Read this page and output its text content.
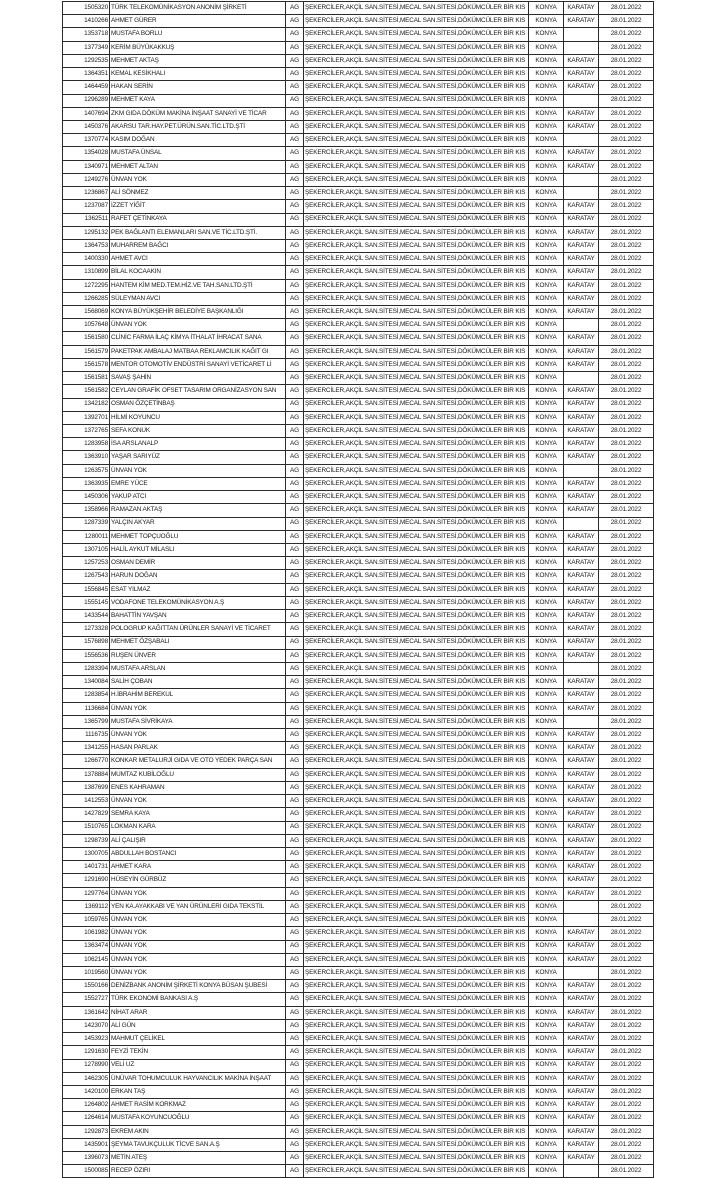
1505320	TÜRK TELEKOMÜNİKASYON ANONİM ŞİRKETİ	AG	ŞEKERCİLER,AKÇİL SAN.SİTESİ,MECAL SAN.SİTESİ,DÖKÜMCÜLER BİR KIS	KONYA	KARATAY	28.01.2022
1410266	AHMET GÜRER	AG	ŞEKERCİLER,AKÇİL SAN.SİTESİ,MECAL SAN.SİTESİ,DÖKÜMCÜLER BİR KIS	KONYA	KARATAY	28.01.2022
1353718	MUSTAFA BORLU	AG	ŞEKERCİLER,AKÇİL SAN.SİTESİ,MECAL SAN.SİTESİ,DÖKÜMCÜLER BİR KIS	KONYA		28.01.2022
1377349	KERİM BÜYÜKAKKUŞ	AG	ŞEKERCİLER,AKÇİL SAN.SİTESİ,MECAL SAN.SİTESİ,DÖKÜMCÜLER BİR KIS	KONYA		28.01.2022
1292535	MEHMET AKTAŞ	AG	ŞEKERCİLER,AKÇİL SAN.SİTESİ,MECAL SAN.SİTESİ,DÖKÜMCÜLER BİR KIS	KONYA	KARATAY	28.01.2022
1364351	KEMAL KESİKHALI	AG	ŞEKERCİLER,AKÇİL SAN.SİTESİ,MECAL SAN.SİTESİ,DÖKÜMCÜLER BİR KIS	KONYA	KARATAY	28.01.2022
1464459	HAKAN SERİN	AG	ŞEKERCİLER,AKÇİL SAN.SİTESİ,MECAL SAN.SİTESİ,DÖKÜMCÜLER BİR KIS	KONYA	KARATAY	28.01.2022
1296289	MEHMET KAYA	AG	ŞEKERCİLER,AKÇİL SAN.SİTESİ,MECAL SAN.SİTESİ,DÖKÜMCÜLER BİR KIS	KONYA		28.01.2022
1407694	ZKM GIDA DÖKÜM MAKİNA İNŞAAT SANAYİ VE TİCAR	AG	ŞEKERCİLER,AKÇİL SAN.SİTESİ,MECAL SAN.SİTESİ,DÖKÜMCÜLER BİR KIS	KONYA	KARATAY	28.01.2022
1450376	AKARSU TAR.HAY.PET.ÜRÜN.SAN.TİC.LTD.ŞTİ	AG	ŞEKERCİLER,AKÇİL SAN.SİTESİ,MECAL SAN.SİTESİ,DÖKÜMCÜLER BİR KIS	KONYA	KARATAY	28.01.2022
1370774	KASIM DOĞAN	AG	ŞEKERCİLER,AKÇİL SAN.SİTESİ,MECAL SAN.SİTESİ,DÖKÜMCÜLER BİR KIS	KONYA		28.01.2022
1354028	MUSTAFA ÜNSAL	AG	ŞEKERCİLER,AKÇİL SAN.SİTESİ,MECAL SAN.SİTESİ,DÖKÜMCÜLER BİR KIS	KONYA	KARATAY	28.01.2022
1340971	MEHMET ALTAN	AG	ŞEKERCİLER,AKÇİL SAN.SİTESİ,MECAL SAN.SİTESİ,DÖKÜMCÜLER BİR KIS	KONYA	KARATAY	28.01.2022
1249276	ÜNVAN YOK	AG	ŞEKERCİLER,AKÇİL SAN.SİTESİ,MECAL SAN.SİTESİ,DÖKÜMCÜLER BİR KIS	KONYA		28.01.2022
1236867	ALİ SÖNMEZ	AG	ŞEKERCİLER,AKÇİL SAN.SİTESİ,MECAL SAN.SİTESİ,DÖKÜMCÜLER BİR KIS	KONYA		28.01.2022
1237087	İZZET YİĞİT	AG	ŞEKERCİLER,AKÇİL SAN.SİTESİ,MECAL SAN.SİTESİ,DÖKÜMCÜLER BİR KIS	KONYA	KARATAY	28.01.2022
1362511	RAFET ÇETİNKAYA	AG	ŞEKERCİLER,AKÇİL SAN.SİTESİ,MECAL SAN.SİTESİ,DÖKÜMCÜLER BİR KIS	KONYA	KARATAY	28.01.2022
1295132	PEK BAĞLANTI ELEMANLARI SAN.VE TİC.LTD.ŞTİ.	AG	ŞEKERCİLER,AKÇİL SAN.SİTESİ,MECAL SAN.SİTESİ,DÖKÜMCÜLER BİR KIS	KONYA	KARATAY	28.01.2022
1364753	MUHARREM BAĞCI	AG	ŞEKERCİLER,AKÇİL SAN.SİTESİ,MECAL SAN.SİTESİ,DÖKÜMCÜLER BİR KIS	KONYA	KARATAY	28.01.2022
1400330	AHMET AVCI	AG	ŞEKERCİLER,AKÇİL SAN.SİTESİ,MECAL SAN.SİTESİ,DÖKÜMCÜLER BİR KIS	KONYA	KARATAY	28.01.2022
1310899	BİLAL KOCAAKIN	AG	ŞEKERCİLER,AKÇİL SAN.SİTESİ,MECAL SAN.SİTESİ,DÖKÜMCÜLER BİR KIS	KONYA	KARATAY	28.01.2022
1272295	HANTEM KİM MED.TEM.HİZ.VE TAH.SAN.LTD.ŞTİ	AG	ŞEKERCİLER,AKÇİL SAN.SİTESİ,MECAL SAN.SİTESİ,DÖKÜMCÜLER BİR KIS	KONYA	KARATAY	28.01.2022
1266285	SÜLEYMAN AVCI	AG	ŞEKERCİLER,AKÇİL SAN.SİTESİ,MECAL SAN.SİTESİ,DÖKÜMCÜLER BİR KIS	KONYA	KARATAY	28.01.2022
1568069	KONYA BÜYÜKŞEHİR BELEDİYE BAŞKANLIĞI	AG	ŞEKERCİLER,AKÇİL SAN.SİTESİ,MECAL SAN.SİTESİ,DÖKÜMCÜLER BİR KIS	KONYA	KARATAY	28.01.2022
1057648	ÜNVAN YOK	AG	ŞEKERCİLER,AKÇİL SAN.SİTESİ,MECAL SAN.SİTESİ,DÖKÜMCÜLER BİR KIS	KONYA		28.01.2022
1561580	CLİNİC FARMA İLAÇ KİMYA İTHALAT İHRACAT SANA	AG	ŞEKERCİLER,AKÇİL SAN.SİTESİ,MECAL SAN.SİTESİ,DÖKÜMCÜLER BİR KIS	KONYA	KARATAY	28.01.2022
1561579	PAKETPAK AMBALAJ MATBAA REKLAMCILIK KAĞIT GI	AG	ŞEKERCİLER,AKÇİL SAN.SİTESİ,MECAL SAN.SİTESİ,DÖKÜMCÜLER BİR KIS	KONYA	KARATAY	28.01.2022
1561578	MENTOR OTOMOTİV ENDÜSTRİ SANAYİ VETİCARET Lİ	AG	ŞEKERCİLER,AKÇİL SAN.SİTESİ,MECAL SAN.SİTESİ,DÖKÜMCÜLER BİR KIS	KONYA	KARATAY	28.01.2022
1561581	SAVAŞ ŞAHİN	AG	ŞEKERCİLER,AKÇİL SAN.SİTESİ,MECAL SAN.SİTESİ,DÖKÜMCÜLER BİR KIS	KONYA		28.01.2022
1561582	CEYLAN GRAFİK OFSET TASARIM ORGANİZASYON SAN	AG	ŞEKERCİLER,AKÇİL SAN.SİTESİ,MECAL SAN.SİTESİ,DÖKÜMCÜLER BİR KIS	KONYA	KARATAY	28.01.2022
1342182	OSMAN ÖZÇETİNBAŞ	AG	ŞEKERCİLER,AKÇİL SAN.SİTESİ,MECAL SAN.SİTESİ,DÖKÜMCÜLER BİR KIS	KONYA	KARATAY	28.01.2022
1392701	HİLMİ KOYUNCU	AG	ŞEKERCİLER,AKÇİL SAN.SİTESİ,MECAL SAN.SİTESİ,DÖKÜMCÜLER BİR KIS	KONYA	KARATAY	28.01.2022
1372765	SEFA KONUK	AG	ŞEKERCİLER,AKÇİL SAN.SİTESİ,MECAL SAN.SİTESİ,DÖKÜMCÜLER BİR KIS	KONYA	KARATAY	28.01.2022
1283958	İSA ARSLANALP	AG	ŞEKERCİLER,AKÇİL SAN.SİTESİ,MECAL SAN.SİTESİ,DÖKÜMCÜLER BİR KIS	KONYA	KARATAY	28.01.2022
1363910	YAŞAR SARIYÜZ	AG	ŞEKERCİLER,AKÇİL SAN.SİTESİ,MECAL SAN.SİTESİ,DÖKÜMCÜLER BİR KIS	KONYA	KARATAY	28.01.2022
1263575	ÜNVAN YOK	AG	ŞEKERCİLER,AKÇİL SAN.SİTESİ,MECAL SAN.SİTESİ,DÖKÜMCÜLER BİR KIS	KONYA		28.01.2022
1363935	EMRE YÜCE	AG	ŞEKERCİLER,AKÇİL SAN.SİTESİ,MECAL SAN.SİTESİ,DÖKÜMCÜLER BİR KIS	KONYA	KARATAY	28.01.2022
1450306	YAKUP ATCI	AG	ŞEKERCİLER,AKÇİL SAN.SİTESİ,MECAL SAN.SİTESİ,DÖKÜMCÜLER BİR KIS	KONYA	KARATAY	28.01.2022
1358966	RAMAZAN AKTAŞ	AG	ŞEKERCİLER,AKÇİL SAN.SİTESİ,MECAL SAN.SİTESİ,DÖKÜMCÜLER BİR KIS	KONYA	KARATAY	28.01.2022
1287339	YALÇIN AKYAR	AG	ŞEKERCİLER,AKÇİL SAN.SİTESİ,MECAL SAN.SİTESİ,DÖKÜMCÜLER BİR KIS	KONYA		28.01.2022
1280011	MEHMET TOPÇUOĞLU	AG	ŞEKERCİLER,AKÇİL SAN.SİTESİ,MECAL SAN.SİTESİ,DÖKÜMCÜLER BİR KIS	KONYA	KARATAY	28.01.2022
1307105	HALİL AYKUT MİLASLI	AG	ŞEKERCİLER,AKÇİL SAN.SİTESİ,MECAL SAN.SİTESİ,DÖKÜMCÜLER BİR KIS	KONYA	KARATAY	28.01.2022
1257253	OSMAN DEMİR	AG	ŞEKERCİLER,AKÇİL SAN.SİTESİ,MECAL SAN.SİTESİ,DÖKÜMCÜLER BİR KIS	KONYA	KARATAY	28.01.2022
1267543	HARUN DOĞAN	AG	ŞEKERCİLER,AKÇİL SAN.SİTESİ,MECAL SAN.SİTESİ,DÖKÜMCÜLER BİR KIS	KONYA	KARATAY	28.01.2022
1556845	ESAT YILMAZ	AG	ŞEKERCİLER,AKÇİL SAN.SİTESİ,MECAL SAN.SİTESİ,DÖKÜMCÜLER BİR KIS	KONYA	KARATAY	28.01.2022
1555145	VODAFONE TELEKOMÜNİKASYON A.Ş	AG	ŞEKERCİLER,AKÇİL SAN.SİTESİ,MECAL SAN.SİTESİ,DÖKÜMCÜLER BİR KIS	KONYA	KARATAY	28.01.2022
1433544	BAHATTİN YAVŞAN	AG	ŞEKERCİLER,AKÇİL SAN.SİTESİ,MECAL SAN.SİTESİ,DÖKÜMCÜLER BİR KIS	KONYA	KARATAY	28.01.2022
1273328	POLOGRUP KAĞITTAN ÜRÜNLER SANAYİ VE TİCARET	AG	ŞEKERCİLER,AKÇİL SAN.SİTESİ,MECAL SAN.SİTESİ,DÖKÜMCÜLER BİR KIS	KONYA	KARATAY	28.01.2022
1576898	MEHMET ÖZŞABALI	AG	ŞEKERCİLER,AKÇİL SAN.SİTESİ,MECAL SAN.SİTESİ,DÖKÜMCÜLER BİR KIS	KONYA	KARATAY	28.01.2022
1556536	RUŞEN ÜNVER	AG	ŞEKERCİLER,AKÇİL SAN.SİTESİ,MECAL SAN.SİTESİ,DÖKÜMCÜLER BİR KIS	KONYA	KARATAY	28.01.2022
1283394	MUSTAFA ARSLAN	AG	ŞEKERCİLER,AKÇİL SAN.SİTESİ,MECAL SAN.SİTESİ,DÖKÜMCÜLER BİR KIS	KONYA		28.01.2022
1340084	SALİH ÇOBAN	AG	ŞEKERCİLER,AKÇİL SAN.SİTESİ,MECAL SAN.SİTESİ,DÖKÜMCÜLER BİR KIS	KONYA	KARATAY	28.01.2022
1283854	H.İBRAHİM BEREKUL	AG	ŞEKERCİLER,AKÇİL SAN.SİTESİ,MECAL SAN.SİTESİ,DÖKÜMCÜLER BİR KIS	KONYA	KARATAY	28.01.2022
1136684	ÜNVAN YOK	AG	ŞEKERCİLER,AKÇİL SAN.SİTESİ,MECAL SAN.SİTESİ,DÖKÜMCÜLER BİR KIS	KONYA	KARATAY	28.01.2022
1365799	MUSTAFA SİVRİKAYA	AG	ŞEKERCİLER,AKÇİL SAN.SİTESİ,MECAL SAN.SİTESİ,DÖKÜMCÜLER BİR KIS	KONYA		28.01.2022
1116735	ÜNVAN YOK	AG	ŞEKERCİLER,AKÇİL SAN.SİTESİ,MECAL SAN.SİTESİ,DÖKÜMCÜLER BİR KIS	KONYA	KARATAY	28.01.2022
1341255	HASAN PARLAK	AG	ŞEKERCİLER,AKÇİL SAN.SİTESİ,MECAL SAN.SİTESİ,DÖKÜMCÜLER BİR KIS	KONYA	KARATAY	28.01.2022
1266770	KONKAR METALURJİ GIDA VE OTO YEDEK PARÇA SAN	AG	ŞEKERCİLER,AKÇİL SAN.SİTESİ,MECAL SAN.SİTESİ,DÖKÜMCÜLER BİR KIS	KONYA	KARATAY	28.01.2022
1378884	MUMTAZ KUBİLOĞLU	AG	ŞEKERCİLER,AKÇİL SAN.SİTESİ,MECAL SAN.SİTESİ,DÖKÜMCÜLER BİR KIS	KONYA	KARATAY	28.01.2022
1387699	ENES KAHRAMAN	AG	ŞEKERCİLER,AKÇİL SAN.SİTESİ,MECAL SAN.SİTESİ,DÖKÜMCÜLER BİR KIS	KONYA	KARATAY	28.01.2022
1412553	ÜNVAN YOK	AG	ŞEKERCİLER,AKÇİL SAN.SİTESİ,MECAL SAN.SİTESİ,DÖKÜMCÜLER BİR KIS	KONYA	KARATAY	28.01.2022
1427829	SEMRA KAYA	AG	ŞEKERCİLER,AKÇİL SAN.SİTESİ,MECAL SAN.SİTESİ,DÖKÜMCÜLER BİR KIS	KONYA	KARATAY	28.01.2022
1510765	LOKMAN KARA	AG	ŞEKERCİLER,AKÇİL SAN.SİTESİ,MECAL SAN.SİTESİ,DÖKÜMCÜLER BİR KIS	KONYA	KARATAY	28.01.2022
1298739	ALİ ÇALIŞIR	AG	ŞEKERCİLER,AKÇİL SAN.SİTESİ,MECAL SAN.SİTESİ,DÖKÜMCÜLER BİR KIS	KONYA	KARATAY	28.01.2022
1300705	ABDULLAH BOSTANCI	AG	ŞEKERCİLER,AKÇİL SAN.SİTESİ,MECAL SAN.SİTESİ,DÖKÜMCÜLER BİR KIS	KONYA	KARATAY	28.01.2022
1401731	AHMET KARA	AG	ŞEKERCİLER,AKÇİL SAN.SİTESİ,MECAL SAN.SİTESİ,DÖKÜMCÜLER BİR KIS	KONYA	KARATAY	28.01.2022
1291690	HÜSEYİN GÜRBÜZ	AG	ŞEKERCİLER,AKÇİL SAN.SİTESİ,MECAL SAN.SİTESİ,DÖKÜMCÜLER BİR KIS	KONYA	KARATAY	28.01.2022
1297764	ÜNVAN YOK	AG	ŞEKERCİLER,AKÇİL SAN.SİTESİ,MECAL SAN.SİTESİ,DÖKÜMCÜLER BİR KIS	KONYA	KARATAY	28.01.2022
1369112	YEN KA.AYAKKABI VE YAN ÜRÜNLERİ GIDA TEKSTİL	AG	ŞEKERCİLER,AKÇİL SAN.SİTESİ,MECAL SAN.SİTESİ,DÖKÜMCÜLER BİR KIS	KONYA		28.01.2022
1059765	ÜNVAN YOK	AG	ŞEKERCİLER,AKÇİL SAN.SİTESİ,MECAL SAN.SİTESİ,DÖKÜMCÜLER BİR KIS	KONYA		28.01.2022
1061982	ÜNVAN YOK	AG	ŞEKERCİLER,AKÇİL SAN.SİTESİ,MECAL SAN.SİTESİ,DÖKÜMCÜLER BİR KIS	KONYA	KARATAY	28.01.2022
1363474	ÜNVAN YOK	AG	ŞEKERCİLER,AKÇİL SAN.SİTESİ,MECAL SAN.SİTESİ,DÖKÜMCÜLER BİR KIS	KONYA	KARATAY	28.01.2022
1062145	ÜNVAN YOK	AG	ŞEKERCİLER,AKÇİL SAN.SİTESİ,MECAL SAN.SİTESİ,DÖKÜMCÜLER BİR KIS	KONYA	KARATAY	28.01.2022
1019560	ÜNVAN YOK	AG	ŞEKERCİLER,AKÇİL SAN.SİTESİ,MECAL SAN.SİTESİ,DÖKÜMCÜLER BİR KIS	KONYA		28.01.2022
1550166	DENİZBANK ANONİM ŞİRKETİ KONYA BÜSAN ŞUBESİ	AG	ŞEKERCİLER,AKÇİL SAN.SİTESİ,MECAL SAN.SİTESİ,DÖKÜMCÜLER BİR KIS	KONYA	KARATAY	28.01.2022
1552727	TÜRK EKONOMİ BANKASI A.Ş	AG	ŞEKERCİLER,AKÇİL SAN.SİTESİ,MECAL SAN.SİTESİ,DÖKÜMCÜLER BİR KIS	KONYA	KARATAY	28.01.2022
1361642	NİHAT ARAR	AG	ŞEKERCİLER,AKÇİL SAN.SİTESİ,MECAL SAN.SİTESİ,DÖKÜMCÜLER BİR KIS	KONYA	KARATAY	28.01.2022
1423070	ALİ GÜN	AG	ŞEKERCİLER,AKÇİL SAN.SİTESİ,MECAL SAN.SİTESİ,DÖKÜMCÜLER BİR KIS	KONYA	KARATAY	28.01.2022
1453923	MAHMUT ÇELİKEL	AG	ŞEKERCİLER,AKÇİL SAN.SİTESİ,MECAL SAN.SİTESİ,DÖKÜMCÜLER BİR KIS	KONYA	KARATAY	28.01.2022
1291630	FEYZİ TEKİN	AG	ŞEKERCİLER,AKÇİL SAN.SİTESİ,MECAL SAN.SİTESİ,DÖKÜMCÜLER BİR KIS	KONYA	KARATAY	28.01.2022
1278990	VELİ UZ	AG	ŞEKERCİLER,AKÇİL SAN.SİTESİ,MECAL SAN.SİTESİ,DÖKÜMCÜLER BİR KIS	KONYA	KARATAY	28.01.2022
1462305	ÜNÜVAR TOHUMCULUK HAYVANCILIK MAKİNA İNŞAAT	AG	ŞEKERCİLER,AKÇİL SAN.SİTESİ,MECAL SAN.SİTESİ,DÖKÜMCÜLER BİR KIS	KONYA	KARATAY	28.01.2022
1420100	ERKAN TAŞ	AG	ŞEKERCİLER,AKÇİL SAN.SİTESİ,MECAL SAN.SİTESİ,DÖKÜMCÜLER BİR KIS	KONYA	KARATAY	28.01.2022
1264802	AHMET RASİM KORKMAZ	AG	ŞEKERCİLER,AKÇİL SAN.SİTESİ,MECAL SAN.SİTESİ,DÖKÜMCÜLER BİR KIS	KONYA	KARATAY	28.01.2022
1264614	MUSTAFA KOYUNCUOĞLU	AG	ŞEKERCİLER,AKÇİL SAN.SİTESİ,MECAL SAN.SİTESİ,DÖKÜMCÜLER BİR KIS	KONYA	KARATAY	28.01.2022
1292873	EKREM AKIN	AG	ŞEKERCİLER,AKÇİL SAN.SİTESİ,MECAL SAN.SİTESİ,DÖKÜMCÜLER BİR KIS	KONYA	KARATAY	28.01.2022
1435901	ŞEYMA TAVUKÇULUK TİCVE SAN.A.Ş	AG	ŞEKERCİLER,AKÇİL SAN.SİTESİ,MECAL SAN.SİTESİ,DÖKÜMCÜLER BİR KIS	KONYA	KARATAY	28.01.2022
1396073	METİN ATEŞ	AG	ŞEKERCİLER,AKÇİL SAN.SİTESİ,MECAL SAN.SİTESİ,DÖKÜMCÜLER BİR KIS	KONYA	KARATAY	28.01.2022
1500085	RECEP ÖZIRI	AG	ŞEKERCİLER,AKÇİL SAN.SİTESİ,MECAL SAN.SİTESİ,DÖKÜMCÜLER BİR KIS	KONYA		28.01.2022
